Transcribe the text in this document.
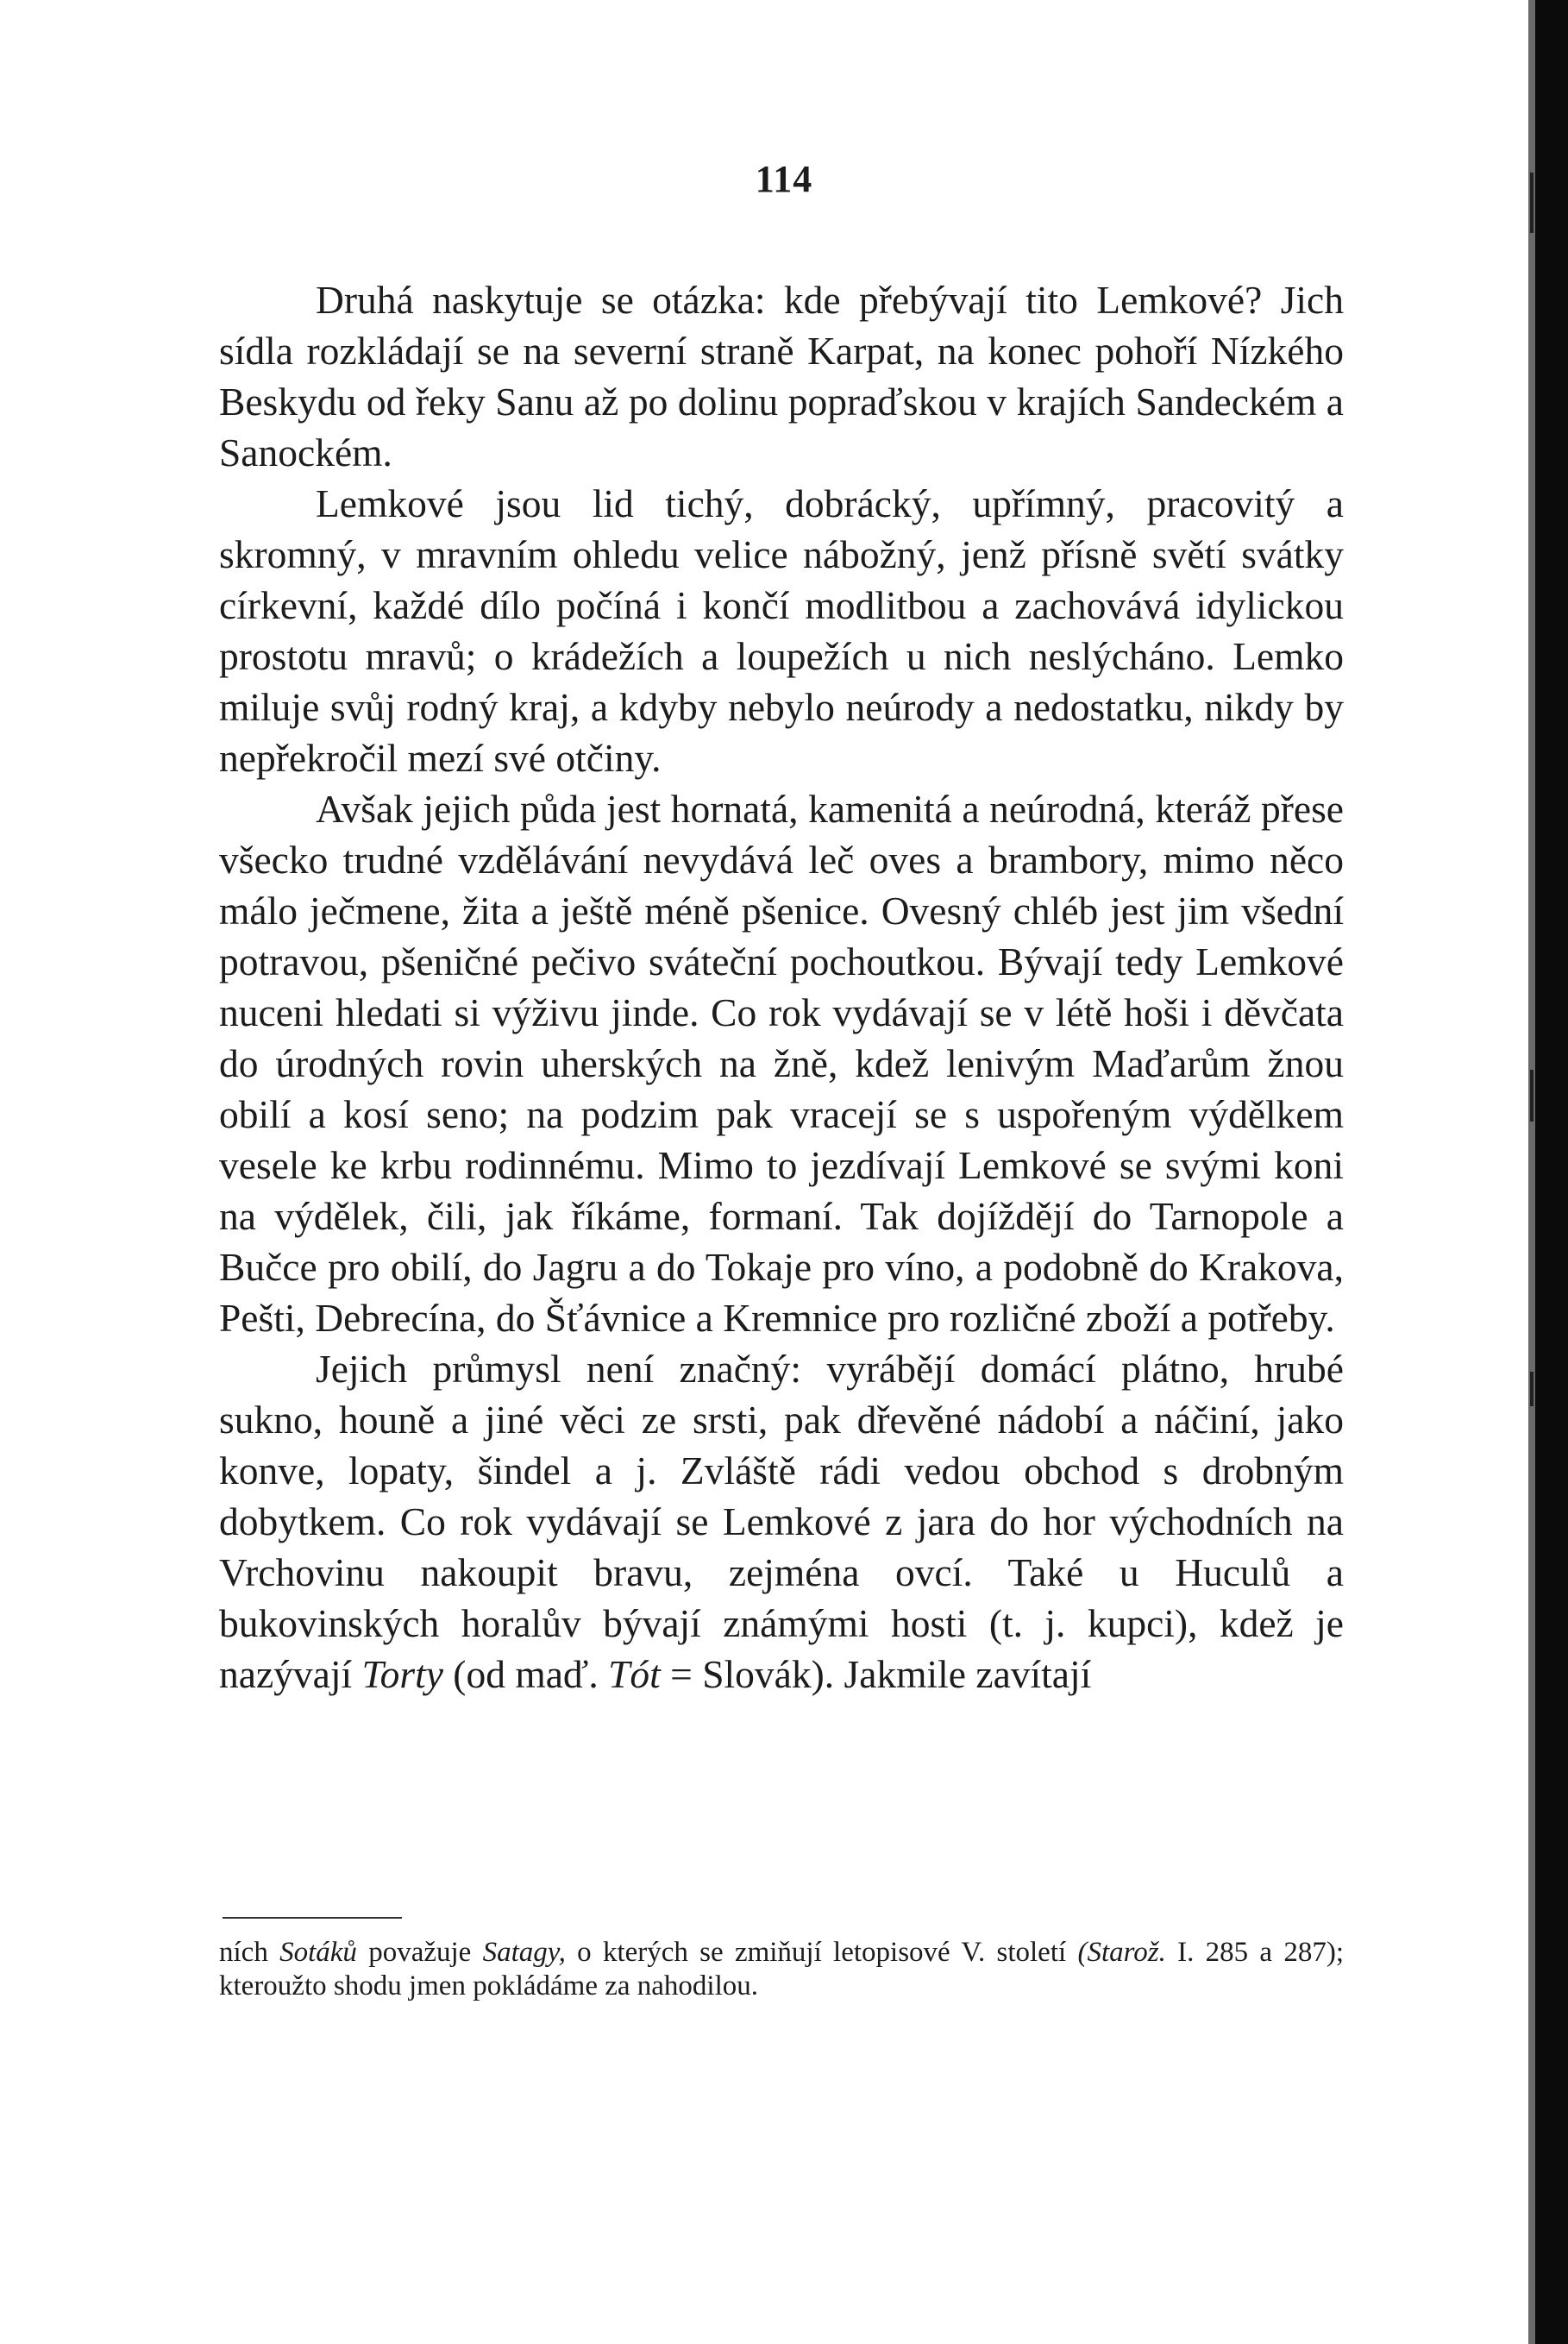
114

Druhá naskytuje se otázka: kde přebývají tito Lemkové? Jich sídla rozkládají se na severní straně Karpat, na konec pohoří Nízkého Beskydu od řeky Sanu až po dolinu popraďskou v krajích Sandeckém a Sanockém.

Lemkové jsou lid tichý, dobrácký, upřímný, pracovitý a skromný, v mravním ohledu velice nábožný, jenž přísně světí svátky církevní, každé dílo počíná i končí modlitbou a zachovává idylickou prostotu mravů; o krádežích a loupežích u nich neslýcháno. Lemko miluje svůj rodný kraj, a kdyby nebylo neúrody a nedostatku, nikdy by nepřekročil mezí své otčiny.

Avšak jejich půda jest hornatá, kamenitá a neúrodná, kteráž přese všecko trudné vzdělávání nevydává leč oves a brambory, mimo něco málo ječmene, žita a ještě méně pšenice. Ovesný chléb jest jim všední potravou, pšeničné pečivo sváteční pochoutkou. Bývají tedy Lemkové nuceni hledati si výživu jinde. Co rok vydávají se v létě hoši i děvčata do úrodných rovin uherských na žně, kdež lenivým Maďarům žnou obilí a kosí seno; na podzim pak vracejí se s uspořeným výdělkem vesele ke krbu rodinnému. Mimo to jezdívají Lemkové se svými koni na výdělek, čili, jak říkáme, formaní. Tak dojíždějí do Tarnopole a Bučce pro obilí, do Jagru a do Tokaje pro víno, a podobně do Krakova, Pešti, Debrecína, do Šťávnice a Kremnice pro rozličné zboží a potřeby.

Jejich průmysl není značný: vyrábějí domácí plátno, hrubé sukno, houně a jiné věci ze srsti, pak dřevěné nádobí a náčiní, jako konve, lopaty, šindel a j. Zvláště rádi vedou obchod s drobným dobytkem. Co rok vydávají se Lemkové z jara do hor východních na Vrchovinu nakoupit bravu, zejména ovcí. Také u Huculů a bukovinských horalův bývají známými hosti (t. j. kupci), kdež je nazývají Torty (od maď. Tót = Slovák). Jakmile zavítají

ních Sotáků považuje Satagy, o kterých se zmiňují letopisové V. století (Starož. I. 285 a 287); kteroužto shodu jmen pokládáme za nahodilou.
